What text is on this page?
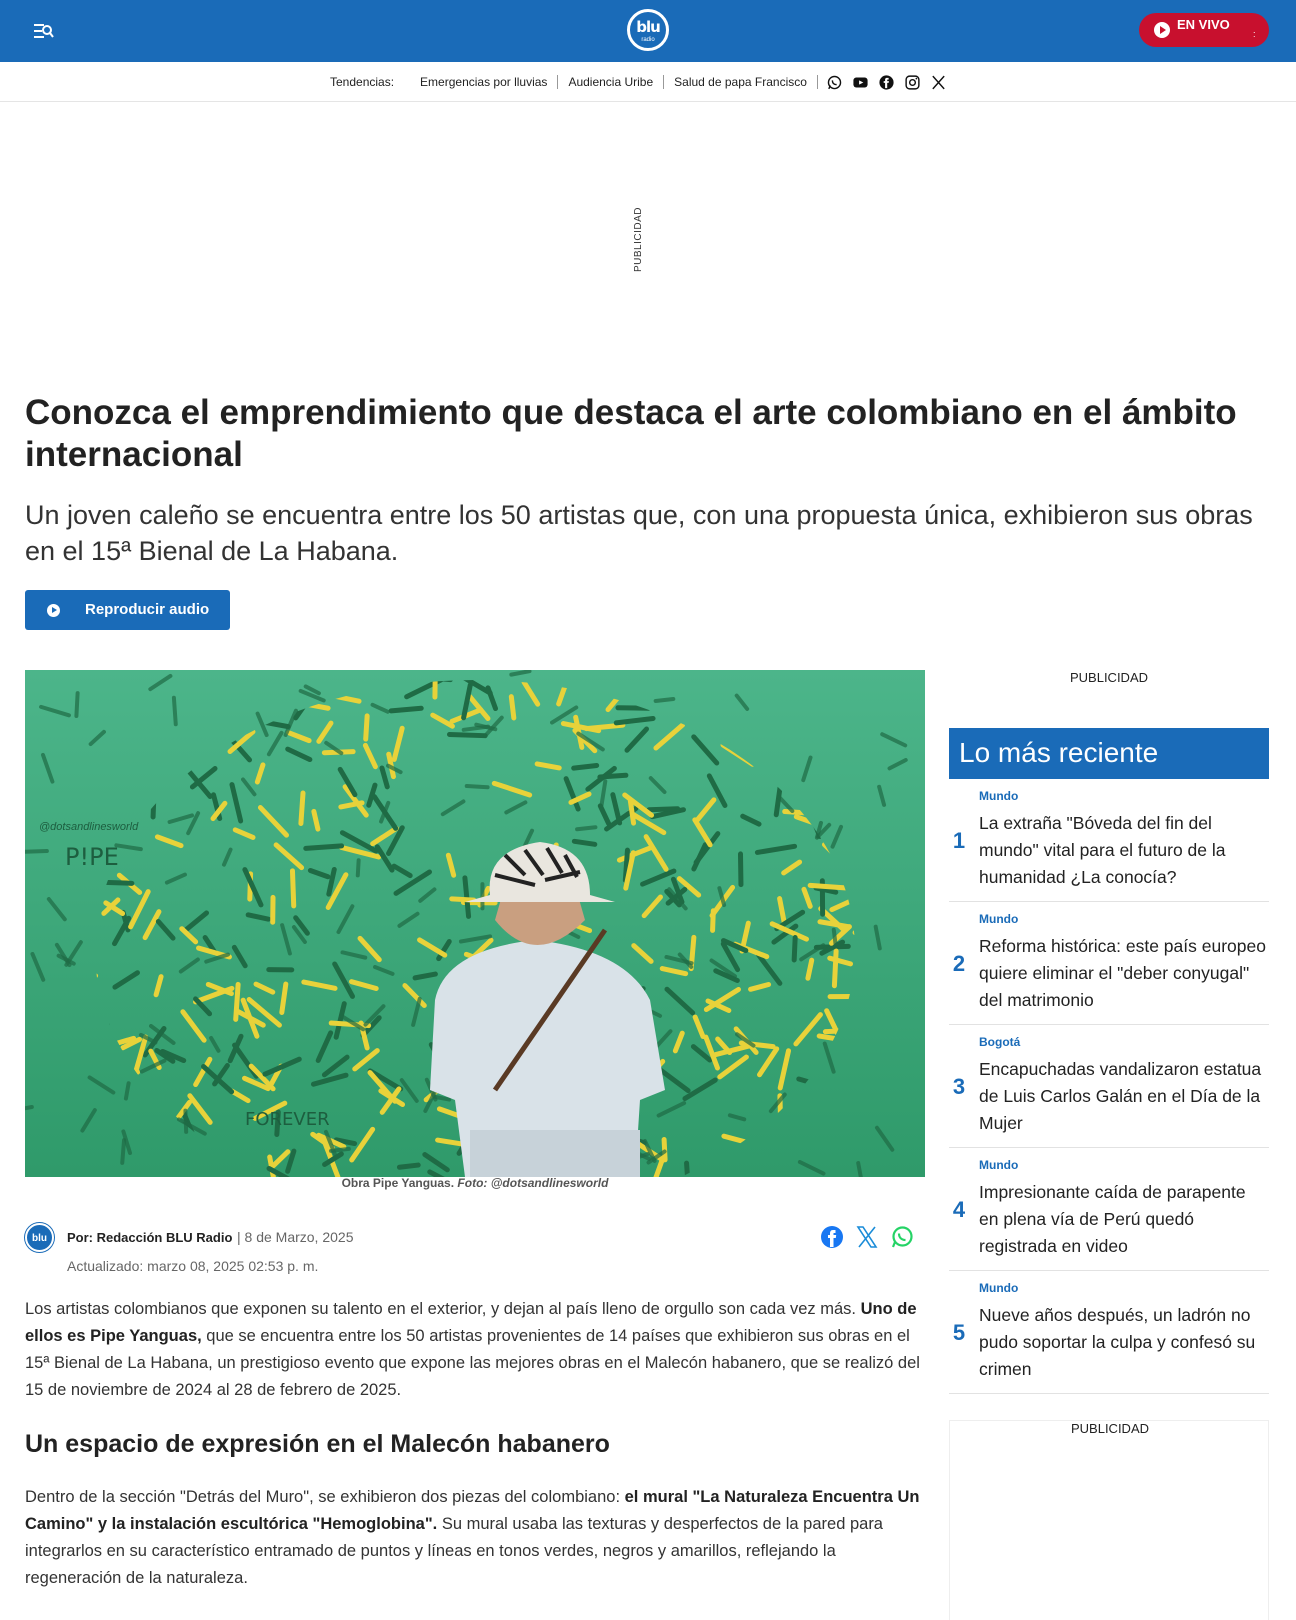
blu
radio
EN VIVO
:
Tendencias:	Emergencias por lluvias	Audiencia Uribe	Salud de papa Francisco
PUBLICIDAD
Conozca el emprendimiento que destaca el arte colombiano en el ámbito internacional
Un joven caleño se encuentra entre los 50 artistas que, con una propuesta única, exhibieron sus obras en el 15ª Bienal de La Habana.
Reproducir audio
@dotsandlinesworld
P!PE
FOREVER
Obra Pipe Yanguas. Foto: @dotsandlinesworld
blu	Por: Redacción BLU Radio | 8 de Marzo, 2025
Actualizado: marzo 08, 2025 02:53 p. m.

Los artistas colombianos que exponen su talento en el exterior, y dejan al país lleno de orgullo son cada vez más. Uno de ellos es Pipe Yanguas, que se encuentra entre los 50 artistas provenientes de 14 países que exhibieron sus obras en el 15ª Bienal de La Habana, un prestigioso evento que expone las mejores obras en el Malecón habanero, que se realizó del 15 de noviembre de 2024 al 28 de febrero de 2025.

Un espacio de expresión en el Malecón habanero

Dentro de la sección "Detrás del Muro", se exhibieron dos piezas del colombiano: el mural "La Naturaleza Encuentra Un Camino" y la instalación escultórica "Hemoglobina". Su mural usaba las texturas y desperfectos de la pared para integrarlos en su característico entramado de puntos y líneas en tonos verdes, negros y amarillos, reflejando la regeneración de la naturaleza.

PUBLICIDAD
Lo más reciente
1
Mundo
La extraña "Bóveda del fin del mundo" vital para el futuro de la humanidad ¿La conocía?
2
Mundo
Reforma histórica: este país europeo quiere eliminar el "deber conyugal" del matrimonio
3
Bogotá
Encapuchadas vandalizaron estatua de Luis Carlos Galán en el Día de la Mujer
4
Mundo
Impresionante caída de parapente en plena vía de Perú quedó registrada en video
5
Mundo
Nueve años después, un ladrón no pudo soportar la culpa y confesó su crimen
PUBLICIDAD
